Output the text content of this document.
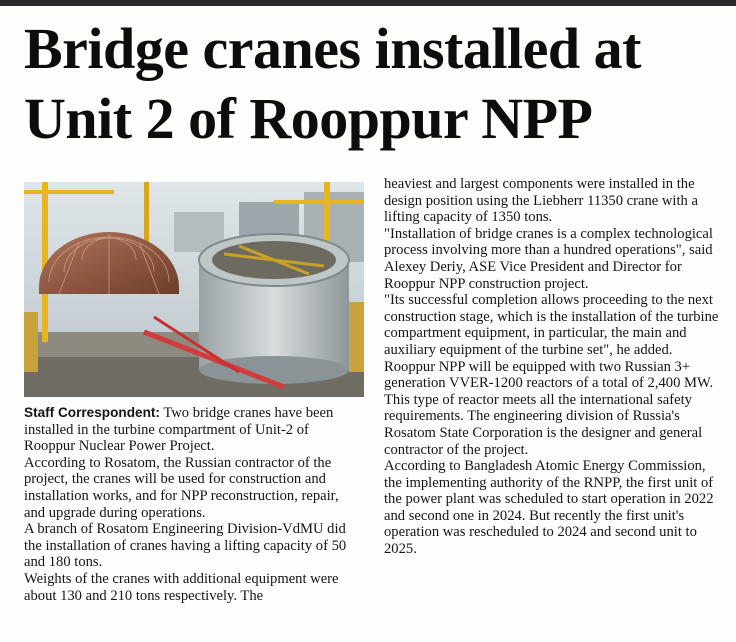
Bridge cranes installed at Unit 2 of Rooppur NPP

Staff Correspondent: Two bridge cranes have been installed in the turbine compartment of Unit-2 of Rooppur Nuclear Power Project.

According to Rosatom, the Russian contractor of the project, the cranes will be used for construction and installation works, and for NPP reconstruction, repair, and upgrade during operations.

A branch of Rosatom Engineering Division-VdMU did the installation of cranes having a lifting capacity of 50 and 180 tons.

Weights of the cranes with additional equipment were about 130 and 210 tons respectively. The

heaviest and largest components were installed in the design position using the Liebherr 11350 crane with a lifting capacity of 1350 tons.

"Installation of bridge cranes is a complex technological process involving more than a hundred operations", said Alexey Deriy, ASE Vice President and Director for Rooppur NPP construction project.

"Its successful completion allows proceeding to the next construction stage, which is the installation of the turbine compartment equipment, in particular, the main and auxiliary equipment of the turbine set", he added. Rooppur NPP will be equipped with two Russian 3+ generation VVER-1200 reactors of a total of 2,400 MW.

This type of reactor meets all the international safety requirements. The engineering division of Russia's Rosatom State Corporation is the designer and general contractor of the project.

According to Bangladesh Atomic Energy Commission, the implementing authority of the RNPP, the first unit of the power plant was scheduled to start operation in 2022 and second one in 2024. But recently the first unit's operation was rescheduled to 2024 and second unit to 2025.
